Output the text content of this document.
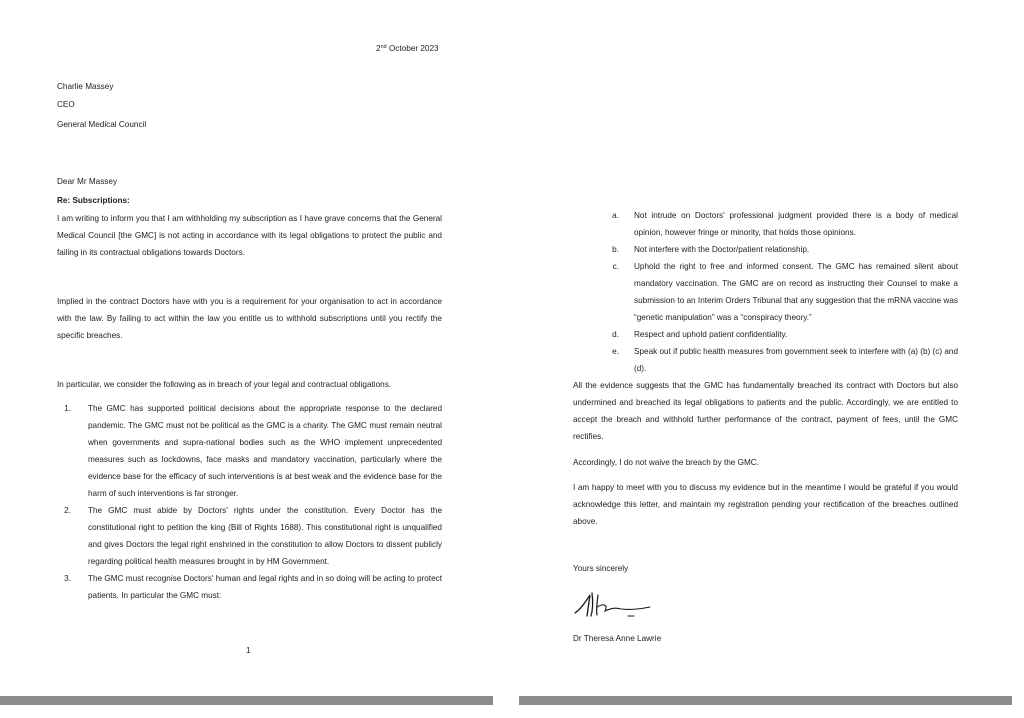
2nd October 2023
Charlie Massey
CEO
General Medical Council
Dear Mr Massey
Re: Subscriptions:
I am writing to inform you that I am withholding my subscription as I have grave concerns that the General Medical Council [the GMC] is not acting in accordance with its legal obligations to protect the public and failing in its contractual obligations towards Doctors.
Implied in the contract Doctors have with you is a requirement for your organisation to act in accordance with the law. By failing to act within the law you entitle us to withhold subscriptions until you rectify the specific breaches.
In particular, we consider the following as in breach of your legal and contractual obligations.
1. The GMC has supported political decisions about the appropriate response to the declared pandemic. The GMC must not be political as the GMC is a charity. The GMC must remain neutral when governments and supra-national bodies such as the WHO implement unprecedented measures such as lockdowns, face masks and mandatory vaccination, particularly where the evidence base for the efficacy of such interventions is at best weak and the evidence base for the harm of such interventions is far stronger.
2. The GMC must abide by Doctors' rights under the constitution. Every Doctor has the constitutional right to petition the king (Bill of Rights 1688). This constitutional right is unqualified and gives Doctors the legal right enshrined in the constitution to allow Doctors to dissent publicly regarding political health measures brought in by HM Government.
3. The GMC must recognise Doctors' human and legal rights and in so doing will be acting to protect patients. In particular the GMC must:
1
a. Not intrude on Doctors' professional judgment provided there is a body of medical opinion, however fringe or minority, that holds those opinions.
b. Not interfere with the Doctor/patient relationship.
c. Uphold the right to free and informed consent. The GMC has remained silent about mandatory vaccination. The GMC are on record as instructing their Counsel to make a submission to an Interim Orders Tribunal that any suggestion that the mRNA vaccine was “genetic manipulation” was a “conspiracy theory.”
d. Respect and uphold patient confidentiality.
e. Speak out if public health measures from government seek to interfere with (a) (b) (c) and (d).
All the evidence suggests that the GMC has fundamentally breached its contract with Doctors but also undermined and breached its legal obligations to patients and the public. Accordingly, we are entitled to accept the breach and withhold further performance of the contract, payment of fees, until the GMC rectifies.
Accordingly, I do not waive the breach by the GMC.
I am happy to meet with you to discuss my evidence but in the meantime I would be grateful if you would acknowledge this letter, and maintain my registration pending your rectification of the breaches outlined above.
Yours sincerely
Dr Theresa Anne Lawrie
